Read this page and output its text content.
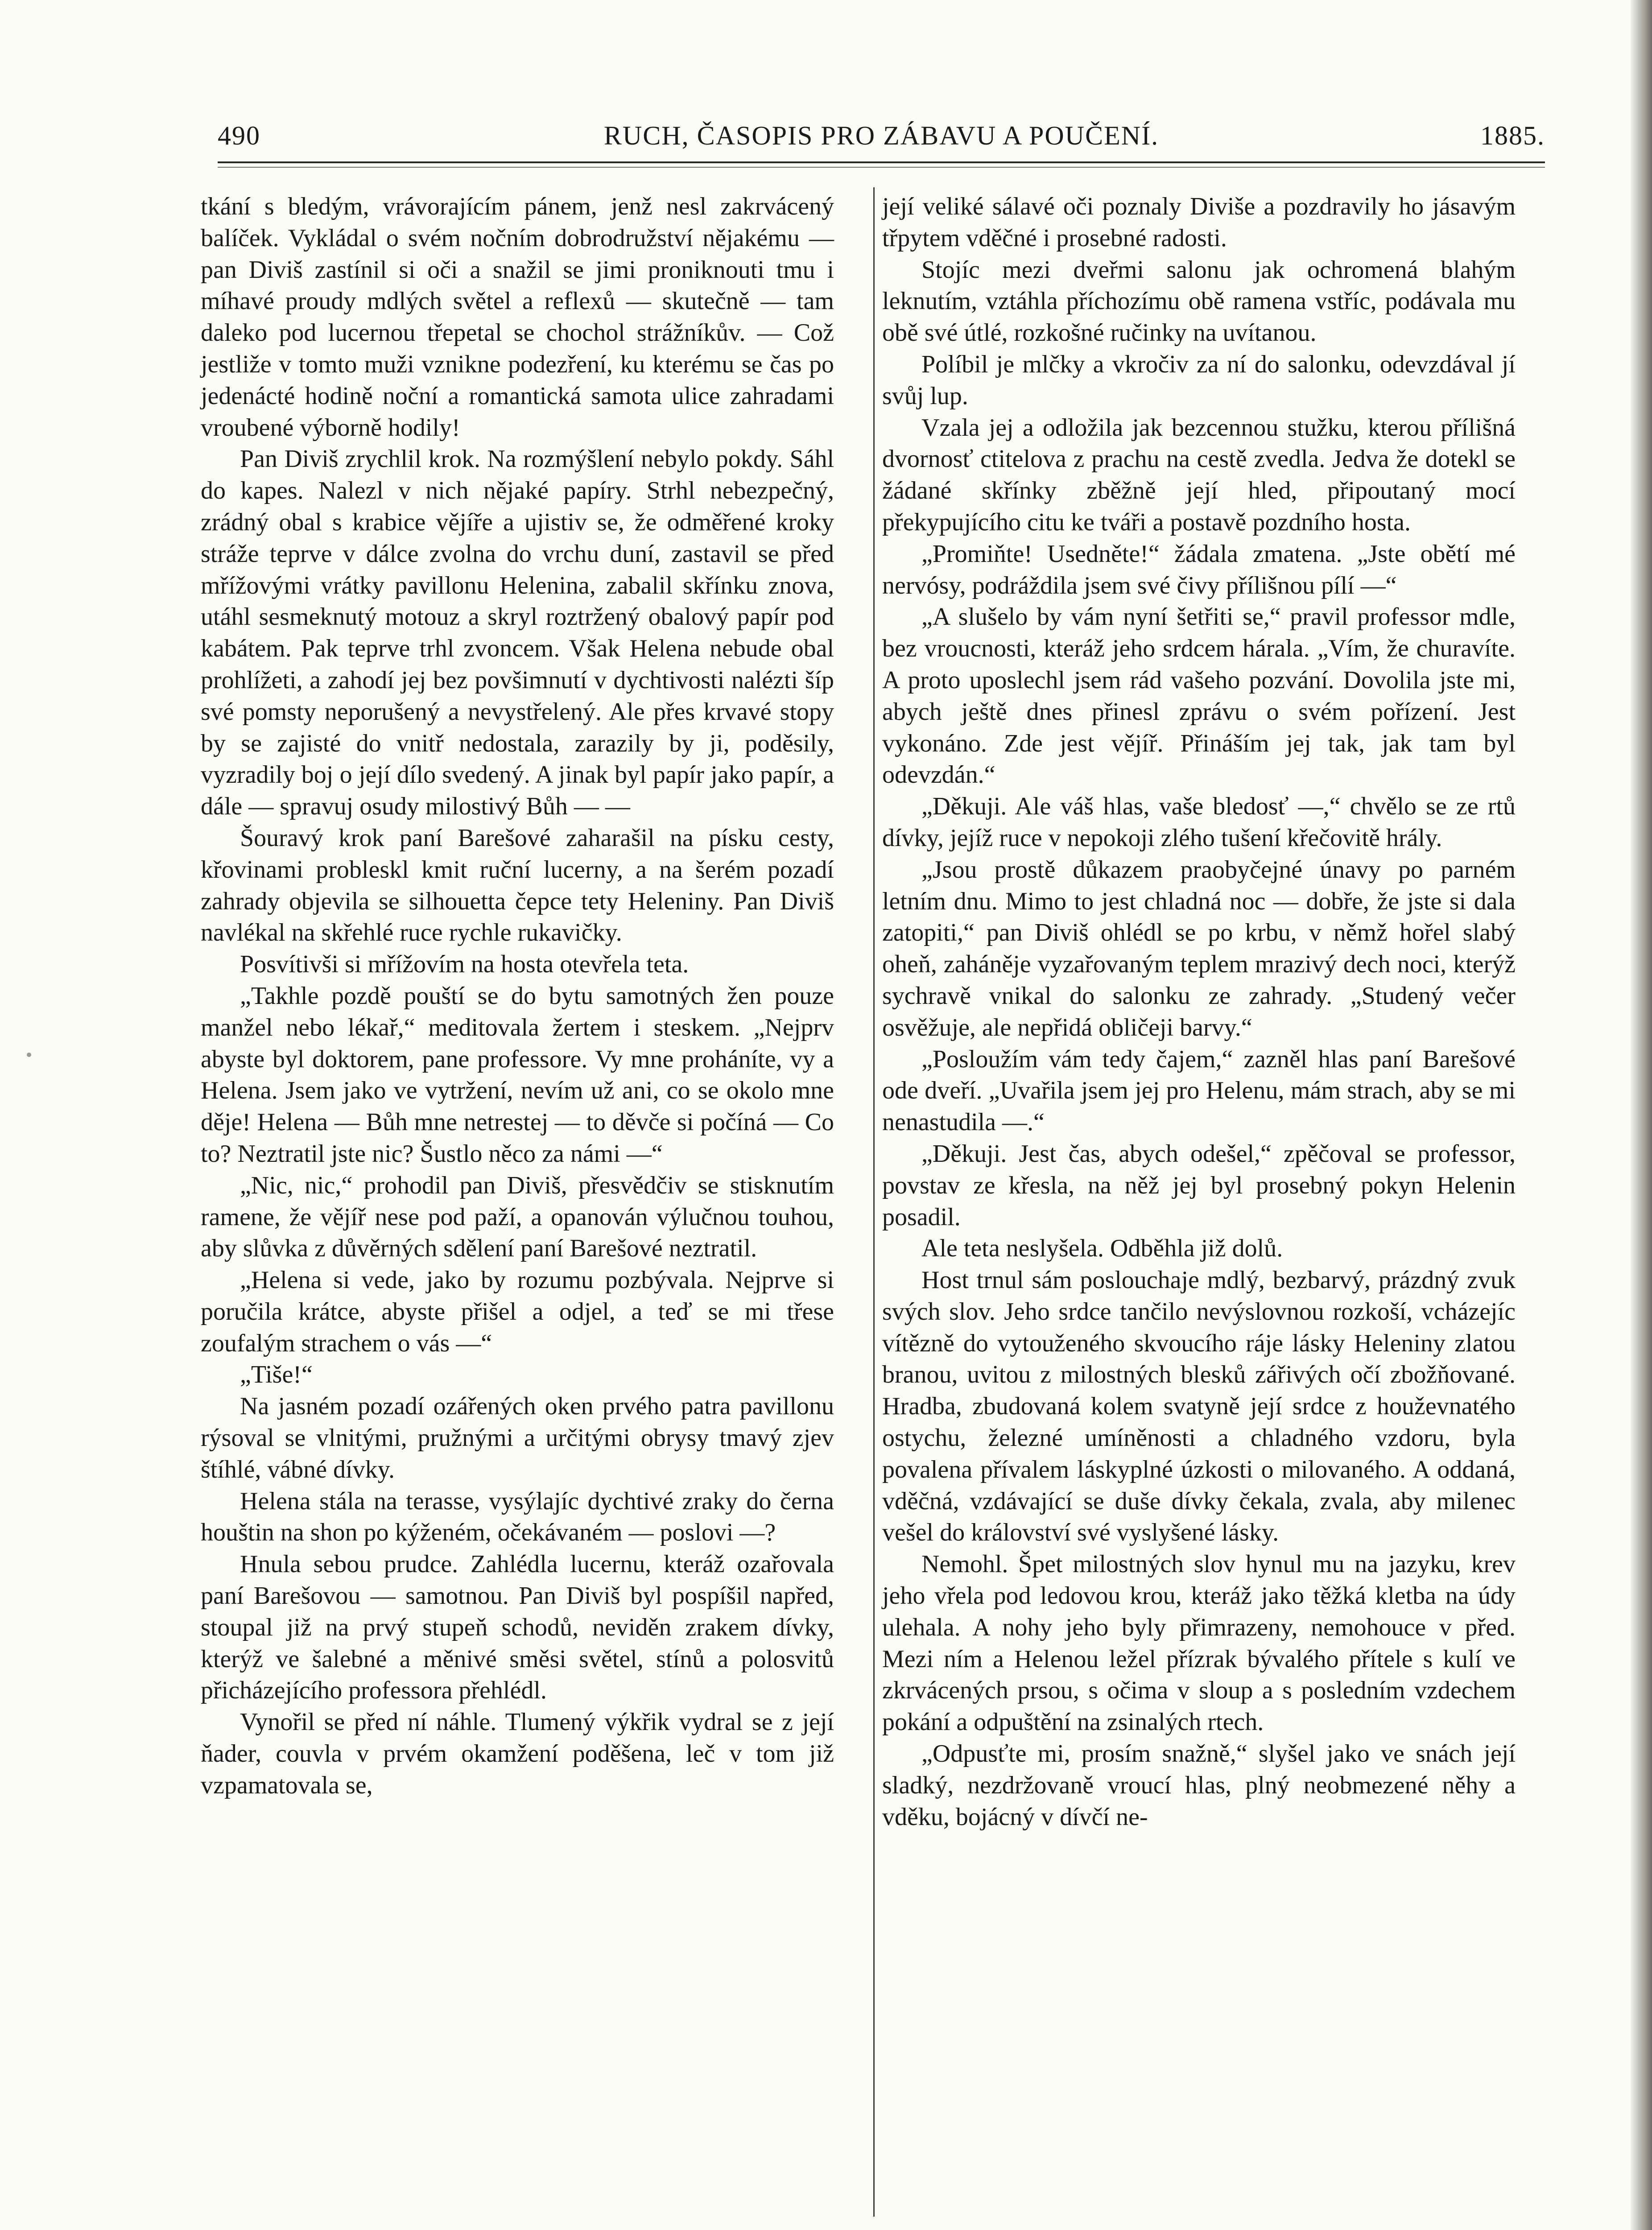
490	RUCH, ČASOPIS PRO ZÁBAVU A POUČENÍ.	1885.

tkání s bledým, vrávorajícím pánem, jenž nesl zakrvácený balíček. Vykládal o svém nočním dobrodružství nějakému — pan Diviš zastínil si oči a snažil se jimi proniknouti tmu i míhavé proudy mdlých světel a reflexů — skutečně — tam daleko pod lucernou třepetal se chochol strážníkův. — Což jestliže v tomto muži vznikne podezření, ku kterému se čas po jedenácté hodině noční a romantická samota ulice zahradami vroubené výborně hodily!

Pan Diviš zrychlil krok. Na rozmýšlení nebylo pokdy. Sáhl do kapes. Nalezl v nich nějaké papíry. Strhl nebezpečný, zrádný obal s krabice vějíře a ujistiv se, že odměřené kroky stráže teprve v dálce zvolna do vrchu duní, zastavil se před mřížovými vrátky pavillonu Helenina, zabalil skřínku znova, utáhl sesmeknutý motouz a skryl roztržený obalový papír pod kabátem. Pak teprve trhl zvoncem. Však Helena nebude obal prohlížeti, a zahodí jej bez povšimnutí v dychtivosti nalézti šíp své pomsty neporušený a nevystřelený. Ale přes krvavé stopy by se zajisté do vnitř nedostala, zarazily by ji, poděsily, vyzradily boj o její dílo svedený. A jinak byl papír jako papír, a dále — spravuj osudy milostivý Bůh — —

Šouravý krok paní Barešové zaharašil na písku cesty, křovinami probleskl kmit ruční lucerny, a na šerém pozadí zahrady objevila se silhouetta čepce tety Heleniny. Pan Diviš navlékal na skřehlé ruce rychle rukavičky.

Posvítivši si mřížovím na hosta otevřela teta.

„Takhle pozdě pouští se do bytu samotných žen pouze manžel nebo lékař,“ meditovala žertem i steskem. „Nejprv abyste byl doktorem, pane professore. Vy mne proháníte, vy a Helena. Jsem jako ve vytržení, nevím už ani, co se okolo mne děje! Helena — Bůh mne netrestej — to děvče si počíná — Co to? Neztratil jste nic? Šustlo něco za námi —“

„Nic, nic,“ prohodil pan Diviš, přesvědčiv se stisknutím ramene, že vějíř nese pod paží, a opanován výlučnou touhou, aby slůvka z důvěrných sdělení paní Barešové neztratil.

„Helena si vede, jako by rozumu pozbývala. Nejprve si poručila krátce, abyste přišel a odjel, a teď se mi třese zoufalým strachem o vás —“

„Tiše!“

Na jasném pozadí ozářených oken prvého patra pavillonu rýsoval se vlnitými, pružnými a určitými obrysy tmavý zjev štíhlé, vábné dívky.

Helena stála na terasse, vysýlajíc dychtivé zraky do černa houštin na shon po kýženém, očekávaném — poslovi —?

Hnula sebou prudce. Zahlédla lucernu, kteráž ozařovala paní Barešovou — samotnou. Pan Diviš byl pospíšil napřed, stoupal již na prvý stupeň schodů, neviděn zrakem dívky, kterýž ve šalebné a měnivé směsi světel, stínů a polosvitů přicházejícího professora přehlédl.

Vynořil se před ní náhle. Tlumený výkřik vydral se z její ňader, couvla v prvém okamžení poděšena, leč v tom již vzpamatovala se,

její veliké sálavé oči poznaly Diviše a pozdravily ho jásavým třpytem vděčné i prosebné radosti.

Stojíc mezi dveřmi salonu jak ochromená blahým leknutím, vztáhla příchozímu obě ramena vstříc, podávala mu obě své útlé, rozkošné ručinky na uvítanou.

Políbil je mlčky a vkročiv za ní do salonku, odevzdával jí svůj lup.

Vzala jej a odložila jak bezcennou stužku, kterou přílišná dvornosť ctitelova z prachu na cestě zvedla. Jedva že dotekl se žádané skřínky zběžně její hled, připoutaný mocí překypujícího citu ke tváři a postavě pozdního hosta.

„Promiňte! Usedněte!“ žádala zmatena. „Jste obětí mé nervósy, podráždila jsem své čivy přílišnou pílí —“

„A slušelo by vám nyní šetřiti se,“ pravil professor mdle, bez vroucnosti, kteráž jeho srdcem hárala. „Vím, že churavíte. A proto uposlechl jsem rád vašeho pozvání. Dovolila jste mi, abych ještě dnes přinesl zprávu o svém pořízení. Jest vykonáno. Zde jest vějíř. Přináším jej tak, jak tam byl odevzdán.“

„Děkuji. Ale váš hlas, vaše bledosť —,“ chvělo se ze rtů dívky, jejíž ruce v nepokoji zlého tušení křečovitě hrály.

„Jsou prostě důkazem praobyčejné únavy po parném letním dnu. Mimo to jest chladná noc — dobře, že jste si dala zatopiti,“ pan Diviš ohlédl se po krbu, v němž hořel slabý oheň, zaháněje vyzařovaným teplem mrazivý dech noci, kterýž sychravě vnikal do salonku ze zahrady. „Studený večer osvěžuje, ale nepřidá obličeji barvy.“

„Posloužím vám tedy čajem,“ zazněl hlas paní Barešové ode dveří. „Uvařila jsem jej pro Helenu, mám strach, aby se mi nenastudila —.“

„Děkuji. Jest čas, abych odešel,“ zpěčoval se professor, povstav ze křesla, na něž jej byl prosebný pokyn Helenin posadil.

Ale teta neslyšela. Odběhla již dolů.

Host trnul sám poslouchaje mdlý, bezbarvý, prázdný zvuk svých slov. Jeho srdce tančilo nevýslovnou rozkoší, vcházejíc vítězně do vytouženého skvoucího ráje lásky Heleniny zlatou branou, uvitou z milostných blesků zářivých očí zbožňované. Hradba, zbudovaná kolem svatyně její srdce z houževnatého ostychu, železné umíněnosti a chladného vzdoru, byla povalena přívalem láskyplné úzkosti o milovaného. A oddaná, vděčná, vzdávající se duše dívky čekala, zvala, aby milenec vešel do království své vyslyšené lásky.

Nemohl. Špet milostných slov hynul mu na jazyku, krev jeho vřela pod ledovou krou, kteráž jako těžká kletba na údy ulehala. A nohy jeho byly přimrazeny, nemohouce v před. Mezi ním a Helenou ležel přízrak bývalého přítele s kulí ve zkrvácených prsou, s očima v sloup a s posledním vzdechem pokání a odpuštění na zsinalých rtech.

„Odpusťte mi, prosím snažně,“ slyšel jako ve snách její sladký, nezdržovaně vroucí hlas, plný neobmezené něhy a vděku, bojácný v dívčí ne-
